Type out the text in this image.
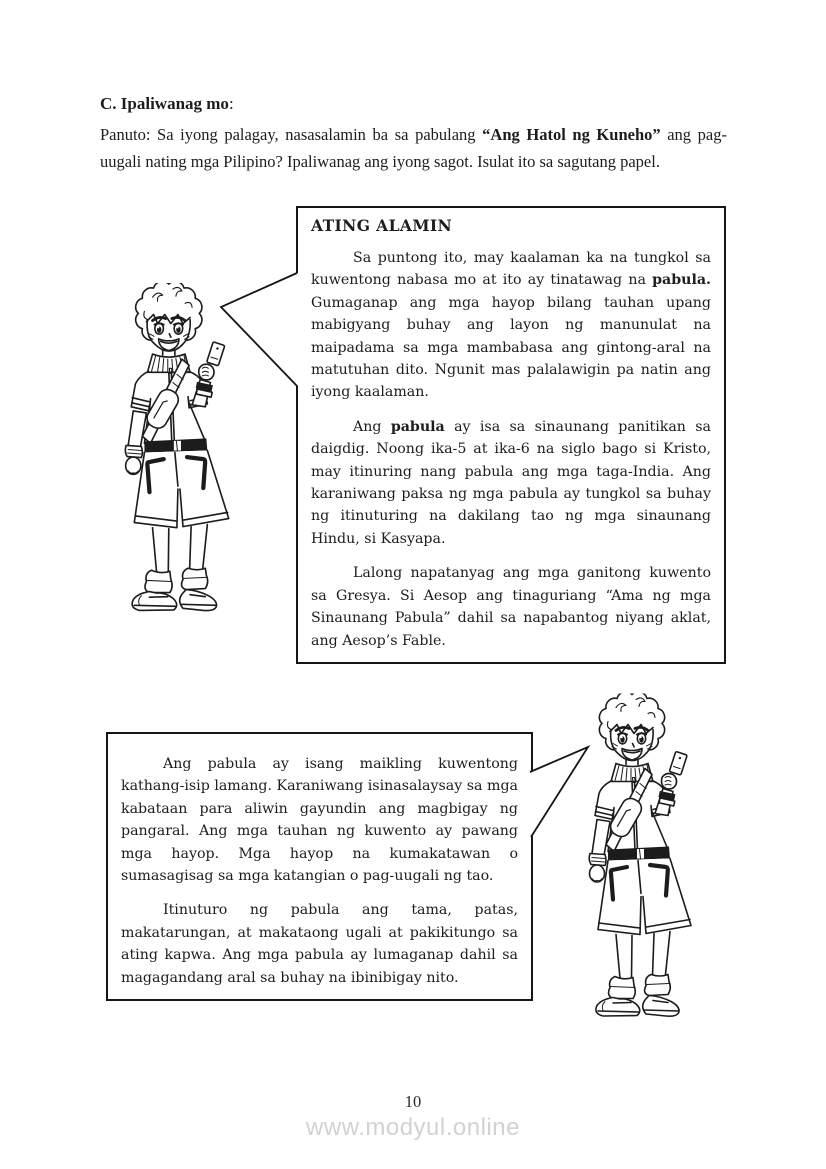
C. Ipaliwanag mo:

Panuto: Sa iyong palagay, nasasalamin ba sa pabulang “Ang Hatol ng Kuneho” ang pag-uugali nating mga Pilipino? Ipaliwanag ang iyong sagot. Isulat ito sa sagutang papel.

ATING ALAMIN

Sa puntong ito, may kaalaman ka na tungkol sa kuwentong nabasa mo at ito ay tinatawag na pabula. Gumaganap ang mga hayop bilang tauhan upang mabigyang buhay ang layon ng manunulat na maipadama sa mga mambabasa ang gintong-aral na matutuhan dito. Ngunit mas palalawigin pa natin ang iyong kaalaman.

Ang pabula ay isa sa sinaunang panitikan sa daigdig. Noong ika-5 at ika-6 na siglo bago si Kristo, may itinuring nang pabula ang mga taga-India. Ang karaniwang paksa ng mga pabula ay tungkol sa buhay ng itinuturing na dakilang tao ng mga sinaunang Hindu, si Kasyapa.

Lalong napatanyag ang mga ganitong kuwento sa Gresya. Si Aesop ang tinaguriang “Ama ng mga Sinaunang Pabula” dahil sa napabantog niyang aklat, ang Aesop’s Fable.

Ang pabula ay isang maikling kuwentong kathang-isip lamang. Karaniwang isinasalaysay sa mga kabataan para aliwin gayundin ang magbigay ng pangaral. Ang mga tauhan ng kuwento ay pawang mga hayop. Mga hayop na kumakatawan o sumasagisag sa mga katangian o pag-uugali ng tao.

Itinuturo ng pabula ang tama, patas, makatarungan, at makataong ugali at pakikitungo sa ating kapwa. Ang mga pabula ay lumaganap dahil sa magagandang aral sa buhay na ibinibigay nito.

10
www.modyul.online
